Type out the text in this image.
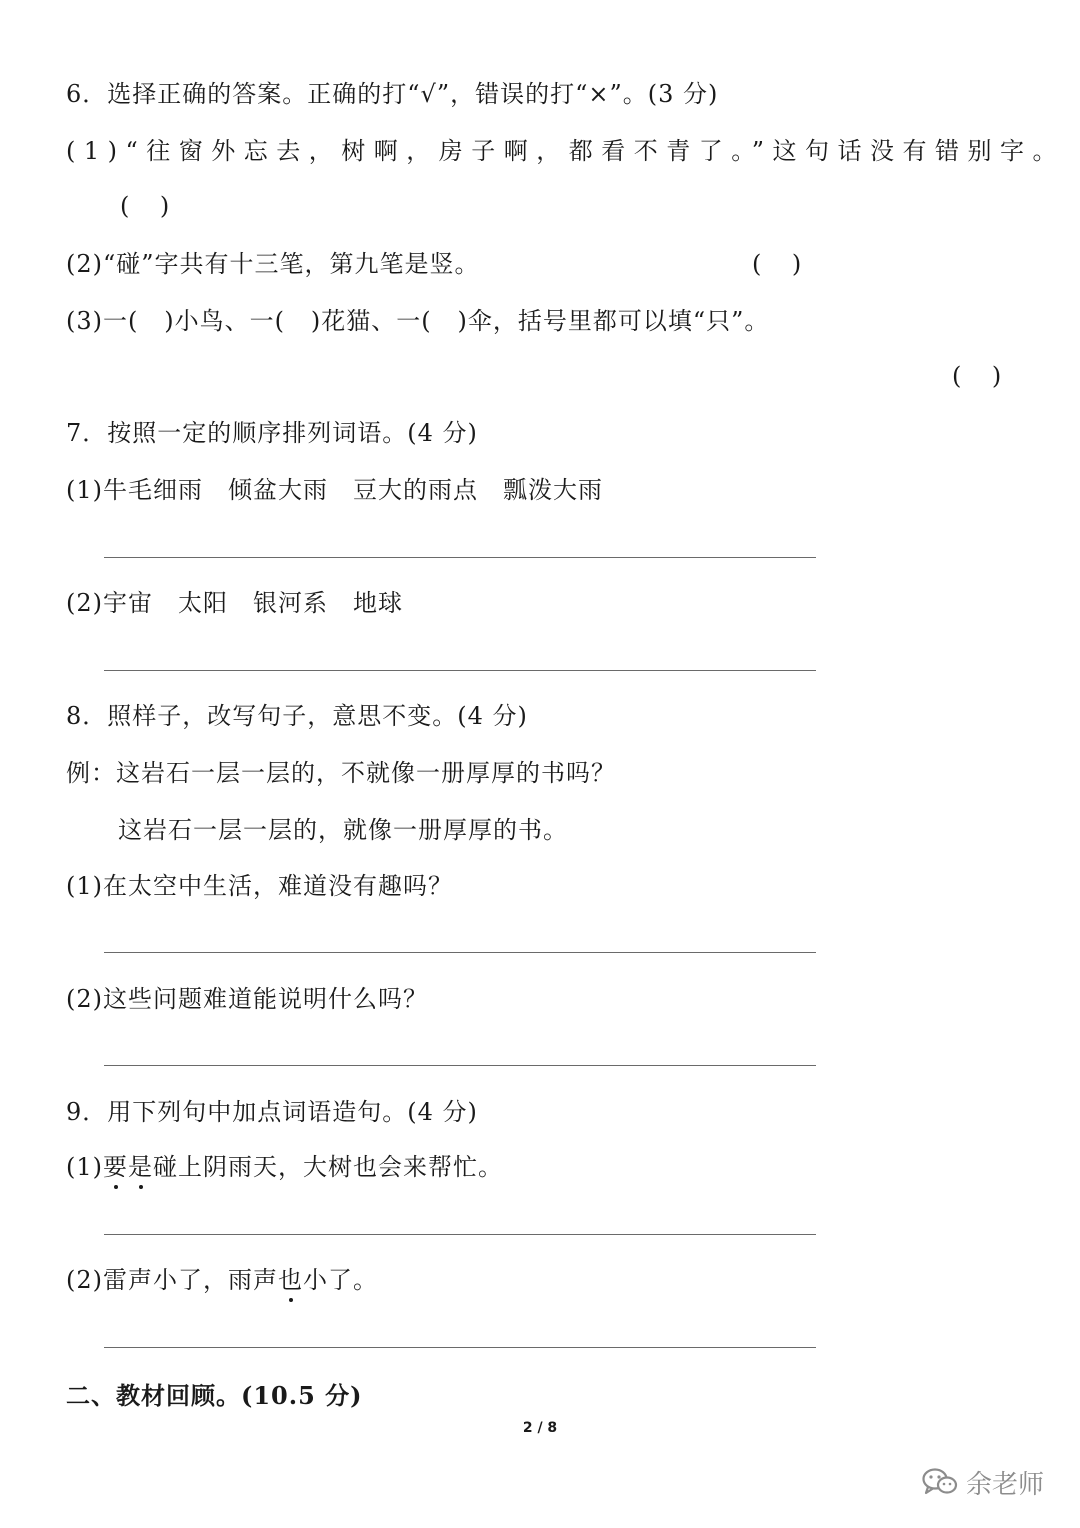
6．选择正确的答案。正确的打“√”，错误的打“×”。(3 分)
(1)“往窗外忘去，树啊，房子啊，都看不青了。”这句话没有错别字。
(    )
(2)“碰”字共有十三笔，第九笔是竖。	(    )
(3)一(   )小鸟、一(   )花猫、一(   )伞，括号里都可以填“只”。
(    )
7．按照一定的顺序排列词语。(4 分)
(1)牛毛细雨　倾盆大雨　豆大的雨点　瓢泼大雨
(2)宇宙　太阳　银河系　地球
8．照样子，改写句子，意思不变。(4 分)
例：这岩石一层一层的，不就像一册厚厚的书吗？
这岩石一层一层的，就像一册厚厚的书。
(1)在太空中生活，难道没有趣吗？
(2)这些问题难道能说明什么吗？
9．用下列句中加点词语造句。(4 分)
(1)要是碰上阴雨天，大树也会来帮忙。
(2)雷声小了，雨声也小了。
二、教材回顾。(10.5 分)
2 / 8
余老师
